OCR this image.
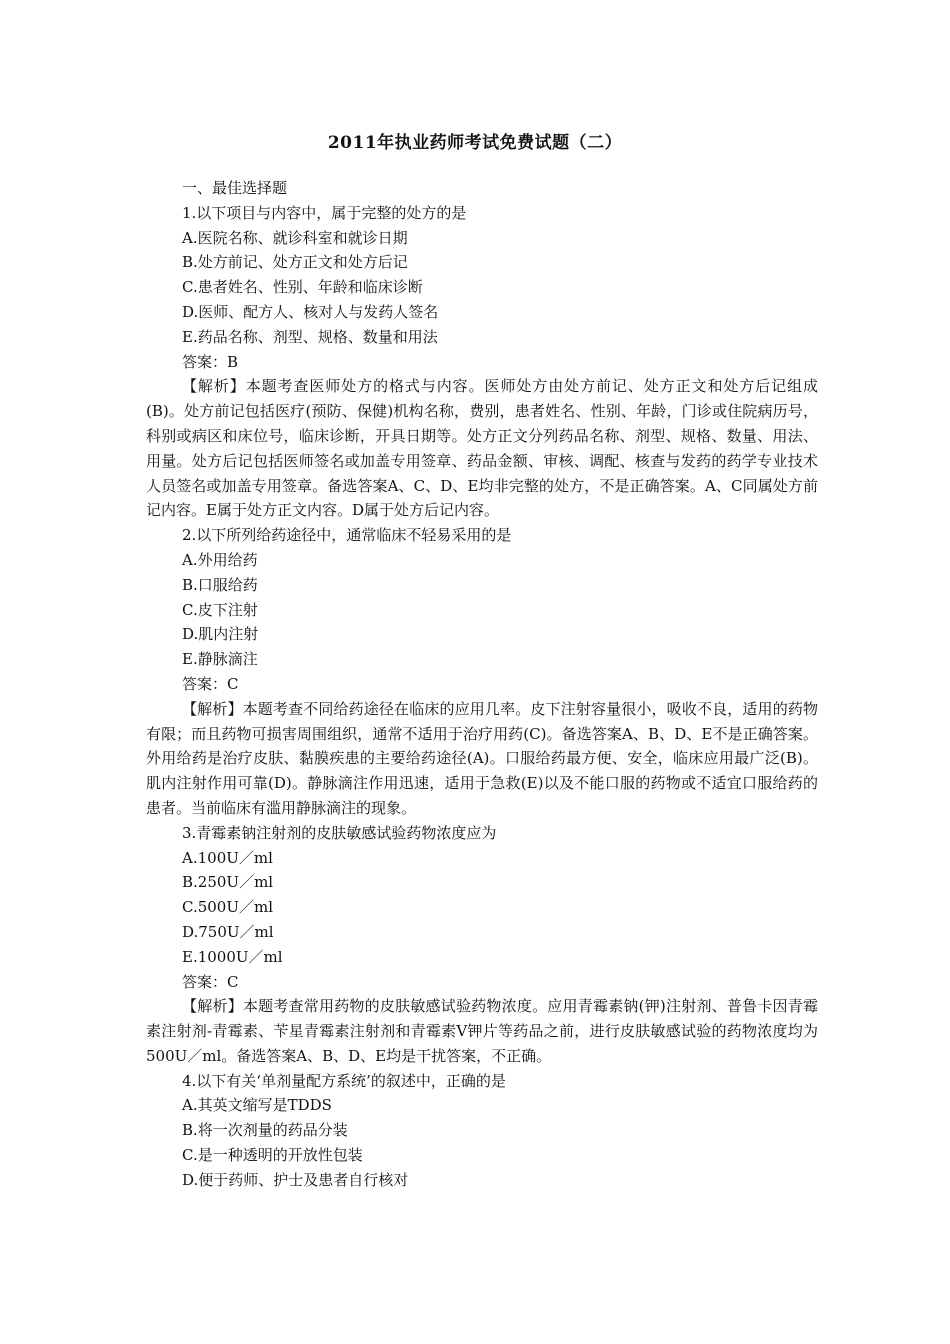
2011年执业药师考试免费试题（二）

一、最佳选择题

1.以下项目与内容中，属于完整的处方的是

A.医院名称、就诊科室和就诊日期

B.处方前记、处方正文和处方后记

C.患者姓名、性别、年龄和临床诊断

D.医师、配方人、核对人与发药人签名

E.药品名称、剂型、规格、数量和用法

答案：B

【解析】本题考查医师处方的格式与内容。医师处方由处方前记、处方正文和处方后记组成(B)。处方前记包括医疗(预防、保健)机构名称，费别，患者姓名、性别、年龄，门诊或住院病历号，科别或病区和床位号，临床诊断，开具日期等。处方正文分列药品名称、剂型、规格、数量、用法、用量。处方后记包括医师签名或加盖专用签章、药品金额、审核、调配、核查与发药的药学专业技术人员签名或加盖专用签章。备选答案A、C、D、E均非完整的处方，不是正确答案。A、C同属处方前记内容。E属于处方正文内容。D属于处方后记内容。

2.以下所列给药途径中，通常临床不轻易采用的是

A.外用给药

B.口服给药

C.皮下注射

D.肌内注射

E.静脉滴注

答案：C

【解析】本题考查不同给药途径在临床的应用几率。皮下注射容量很小，吸收不良，适用的药物有限；而且药物可损害周围组织，通常不适用于治疗用药(C)。备选答案A、B、D、E不是正确答案。外用给药是治疗皮肤、黏膜疾患的主要给药途径(A)。口服给药最方便、安全，临床应用最广泛(B)。肌内注射作用可靠(D)。静脉滴注作用迅速，适用于急救(E)以及不能口服的药物或不适宜口服给药的患者。当前临床有滥用静脉滴注的现象。

3.青霉素钠注射剂的皮肤敏感试验药物浓度应为

A.100U／ml

B.250U／ml

C.500U／ml

D.750U／ml

E.1000U／ml

答案：C

【解析】本题考查常用药物的皮肤敏感试验药物浓度。应用青霉素钠(钾)注射剂、普鲁卡因青霉素注射剂-青霉素、苄星青霉素注射剂和青霉素Ⅴ钾片等药品之前，进行皮肤敏感试验的药物浓度均为500U／ml。备选答案A、B、D、E均是干扰答案，不正确。

4.以下有关‘单剂量配方系统’的叙述中，正确的是

A.其英文缩写是TDDS

B.将一次剂量的药品分装

C.是一种透明的开放性包装

D.便于药师、护士及患者自行核对
